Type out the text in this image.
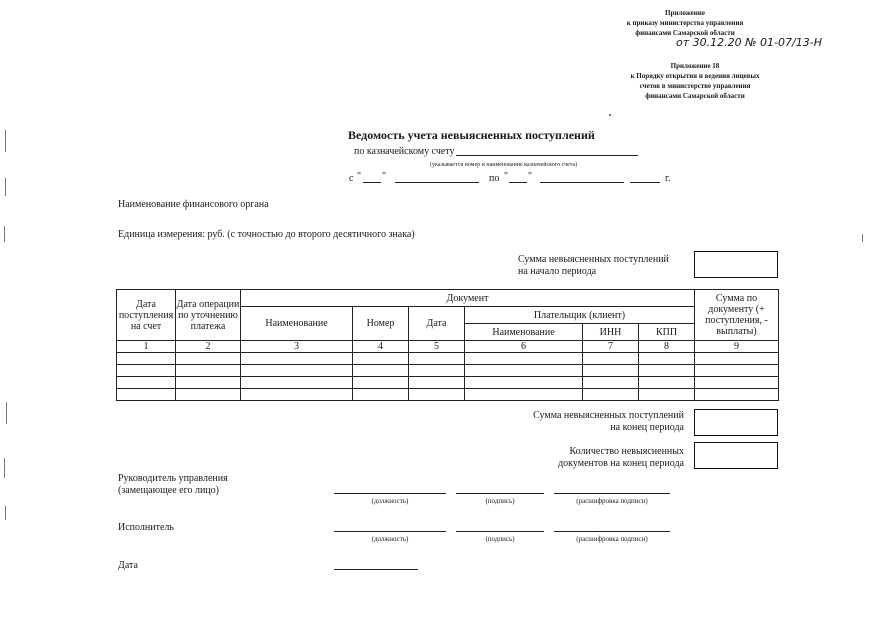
Приложение
к приказу министерства управления
финансами Самарской области
от 30.12.20 № 01-07/13-Н
Приложение 18
к Порядку открытия и ведения лицевых
счетов в министерстве управления
финансами Самарской области
Ведомость учета невыясненных поступлений
по казначейскому счету
(указывается номер и наименование казначейского счета)
с " "	по " "	г.
Наименование финансового органа
Единица измерения: руб. (с точностью до второго десятичного знака)
Сумма невыясненных поступлений
на начало периода
Дата поступления на счет	Дата операции по уточнению платежа	Документ						Сумма по документу (+ поступления, - выплаты)
		Наименование	Номер	Дата	Плательщик (клиент)			
					Наименование	ИНН	КПП	
1	2	3	4	5	6	7	8	9

Сумма невыясненных поступлений
на конец периода
Количество невыясненных
документов на конец периода
Руководитель управления
(замещающее его лицо)
(должность)	(подпись)	(расшифровка подписи)
Исполнитель
(должность)	(подпись)	(расшифровка подписи)
Дата
